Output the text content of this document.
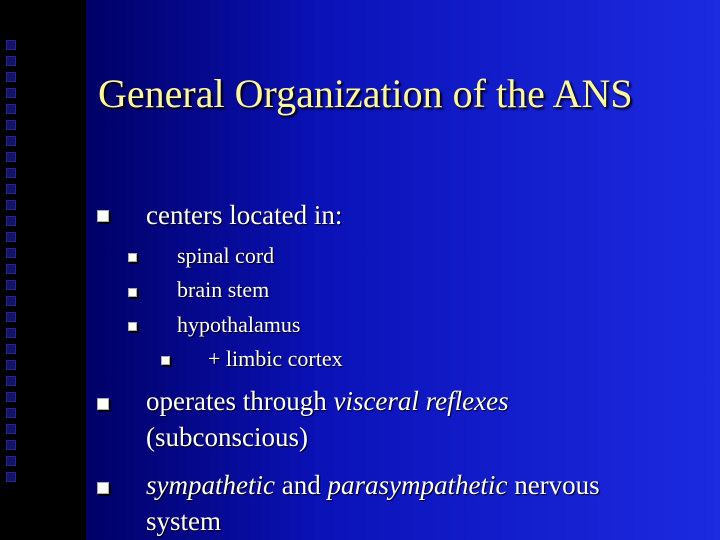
General Organization of the ANS
centers located in:
spinal cord
brain stem
hypothalamus
+ limbic cortex
operates through visceral reflexes
(subconscious)
sympathetic and parasympathetic nervous
system
